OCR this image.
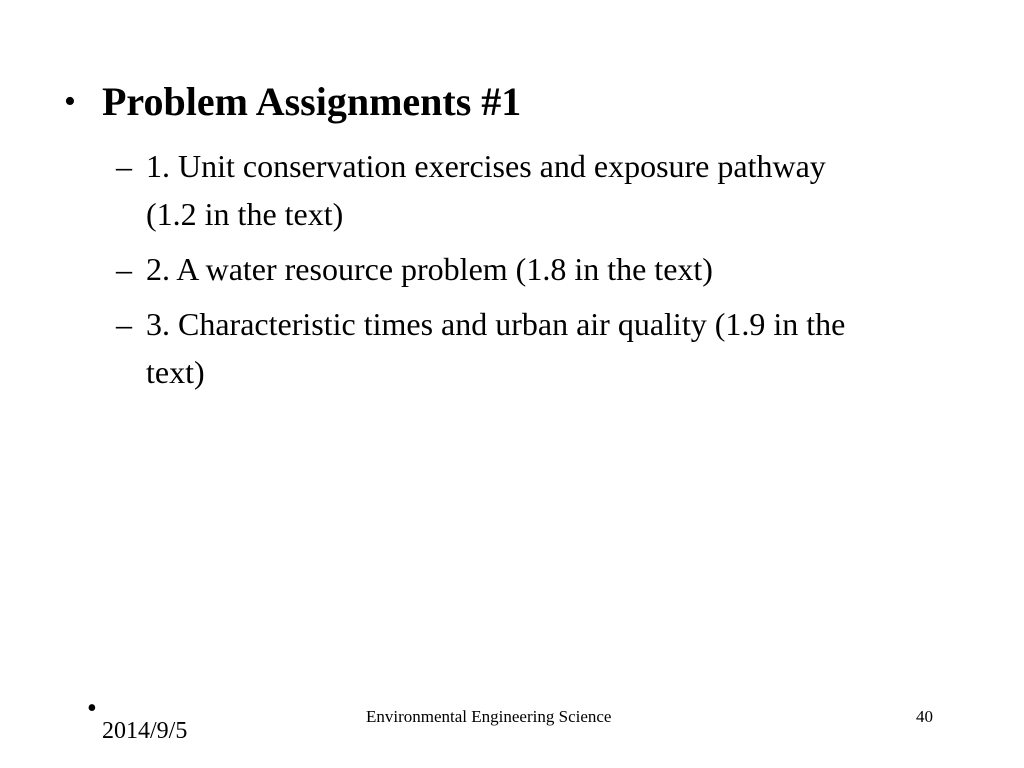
• Problem Assignments #1
– 1. Unit conservation exercises and exposure pathway (1.2 in the text)
– 2. A water resource problem (1.8 in the text)
– 3. Characteristic times and urban air quality (1.9 in the text)
•
2014/9/5
Environmental Engineering Science	40
